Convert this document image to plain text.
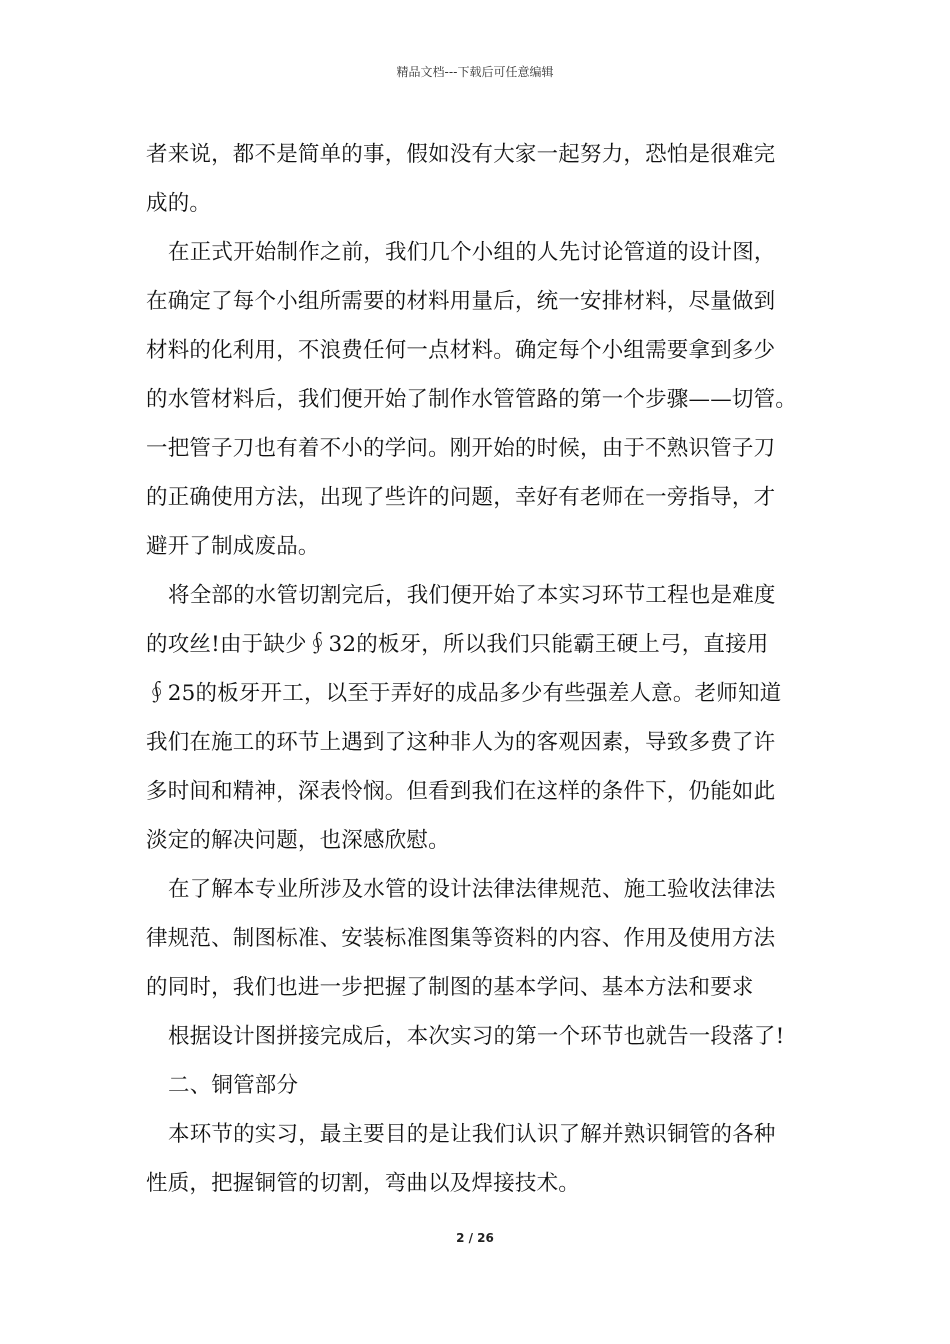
精品文档---下载后可任意编辑
者来说，都不是简单的事，假如没有大家一起努力，恐怕是很难完
成的。
在正式开始制作之前，我们几个小组的人先讨论管道的设计图，
在确定了每个小组所需要的材料用量后，统一安排材料，尽量做到
材料的化利用，不浪费任何一点材料。确定每个小组需要拿到多少
的水管材料后，我们便开始了制作水管管路的第一个步骤——切管。
一把管子刀也有着不小的学问。刚开始的时候，由于不熟识管子刀
的正确使用方法，出现了些许的问题，幸好有老师在一旁指导，才
避开了制成废品。
将全部的水管切割完后，我们便开始了本实习环节工程也是难度
的攻丝!由于缺少∮32的板牙，所以我们只能霸王硬上弓，直接用
∮25的板牙开工，以至于弄好的成品多少有些强差人意。老师知道
我们在施工的环节上遇到了这种非人为的客观因素，导致多费了许
多时间和精神，深表怜悯。但看到我们在这样的条件下，仍能如此
淡定的解决问题，也深感欣慰。
在了解本专业所涉及水管的设计法律法律规范、施工验收法律法
律规范、制图标准、安装标准图集等资料的内容、作用及使用方法
的同时，我们也进一步把握了制图的基本学问、基本方法和要求
根据设计图拼接完成后，本次实习的第一个环节也就告一段落了!
二、铜管部分
本环节的实习，最主要目的是让我们认识了解并熟识铜管的各种
性质，把握铜管的切割，弯曲以及焊接技术。
2 / 26
